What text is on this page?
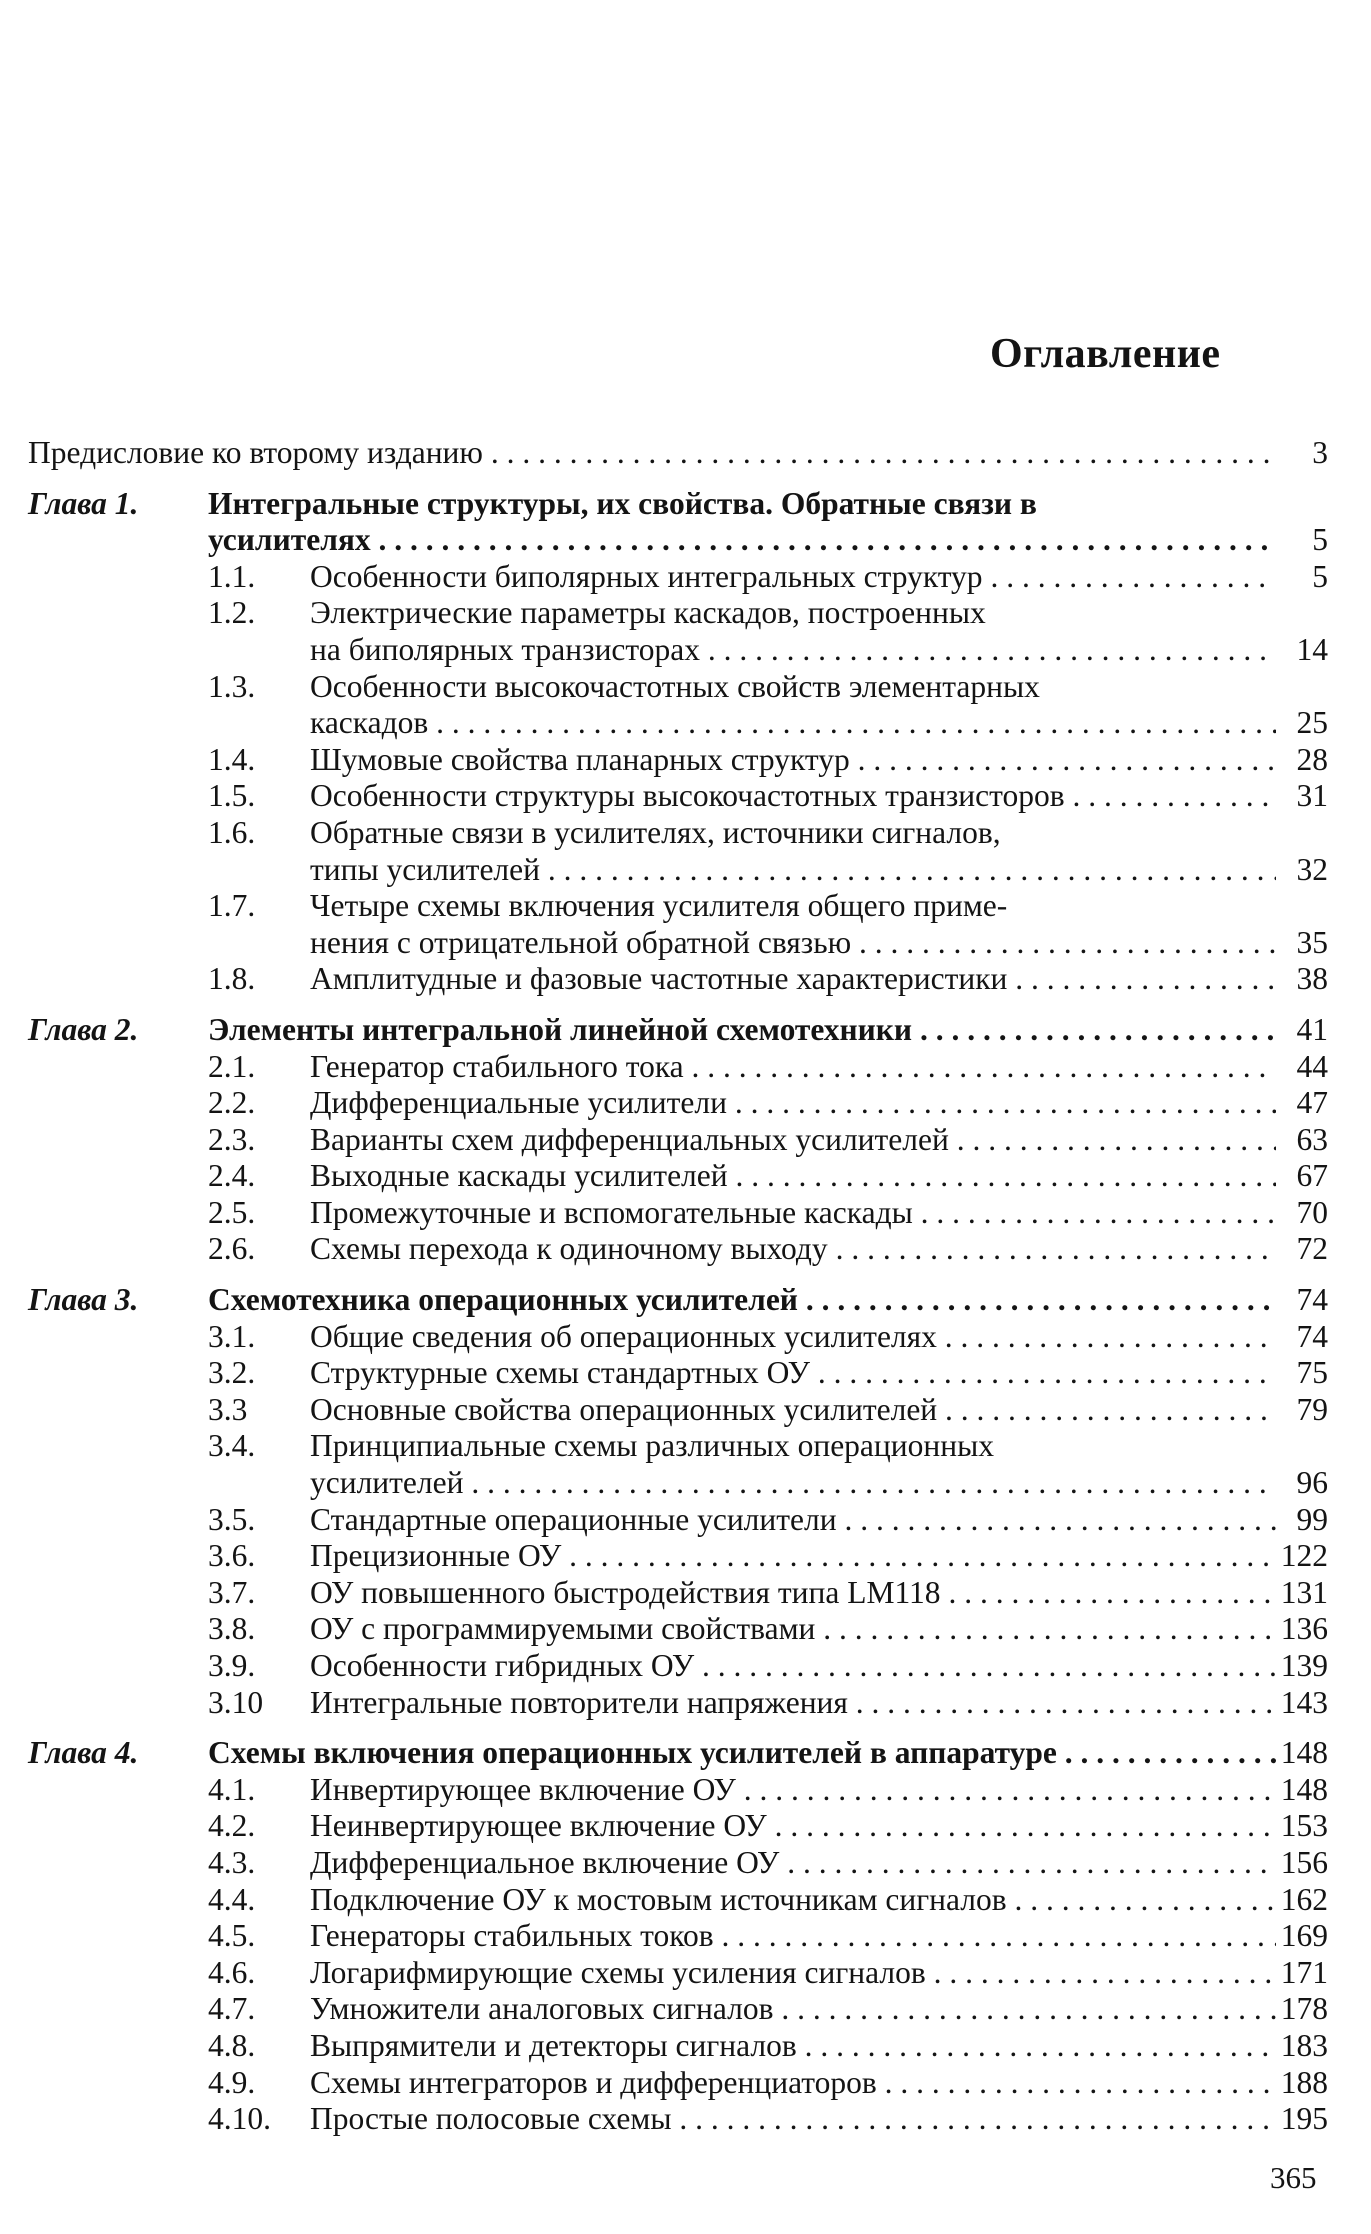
Оглавление
Предисловие ко второму изданию . . .	3
Глава 1.	Интегральные структуры, их свойства. Обратные связи в
усилителях . . .	5
1.1.	Особенности биполярных интегральных структур . . .	5
1.2.	Электрические параметры каскадов, построенных
на биполярных транзисторах . . .	14
1.3.	Особенности высокочастотных свойств элементарных
каскадов . . .	25
1.4.	Шумовые свойства планарных структур . . .	28
1.5.	Особенности структуры высокочастотных транзисторов . . .	31
1.6.	Обратные связи в усилителях, источники сигналов,
типы усилителей . . .	32
1.7.	Четыре схемы включения усилителя общего приме-
нения с отрицательной обратной связью . . .	35
1.8.	Амплитудные и фазовые частотные характеристики . . .	38
Глава 2.	Элементы интегральной линейной схемотехники . . .	41
2.1.	Генератор стабильного тока . . .	44
2.2.	Дифференциальные усилители . . .	47
2.3.	Варианты схем дифференциальных усилителей . . .	63
2.4.	Выходные каскады усилителей . . .	67
2.5.	Промежуточные и вспомогательные каскады . . .	70
2.6.	Схемы перехода к одиночному выходу . . .	72
Глава 3.	Схемотехника операционных усилителей . . .	74
3.1.	Общие сведения об операционных усилителях . . .	74
3.2.	Структурные схемы стандартных ОУ . . .	75
3.3	Основные свойства операционных усилителей . . .	79
3.4.	Принципиальные схемы различных операционных
усилителей . . .	96
3.5.	Стандартные операционные усилители . . .	99
3.6.	Прецизионные ОУ . . .	122
3.7.	ОУ повышенного быстродействия типа LM118 . . .	131
3.8.	ОУ с программируемыми свойствами . . .	136
3.9.	Особенности гибридных ОУ . . .	139
3.10	Интегральные повторители напряжения . . .	143
Глава 4.	Схемы включения операционных усилителей в аппаратуре . . .	148
4.1.	Инвертирующее включение ОУ . . .	148
4.2.	Неинвертирующее включение ОУ . . .	153
4.3.	Дифференциальное включение ОУ . . .	156
4.4.	Подключение ОУ к мостовым источникам сигналов . . .	162
4.5.	Генераторы стабильных токов . . .	169
4.6.	Логарифмирующие схемы усиления сигналов . . .	171
4.7.	Умножители аналоговых сигналов . . .	178
4.8.	Выпрямители и детекторы сигналов . . .	183
4.9.	Схемы интеграторов и дифференциаторов . . .	188
4.10.	Простые полосовые схемы . . .	195
365
